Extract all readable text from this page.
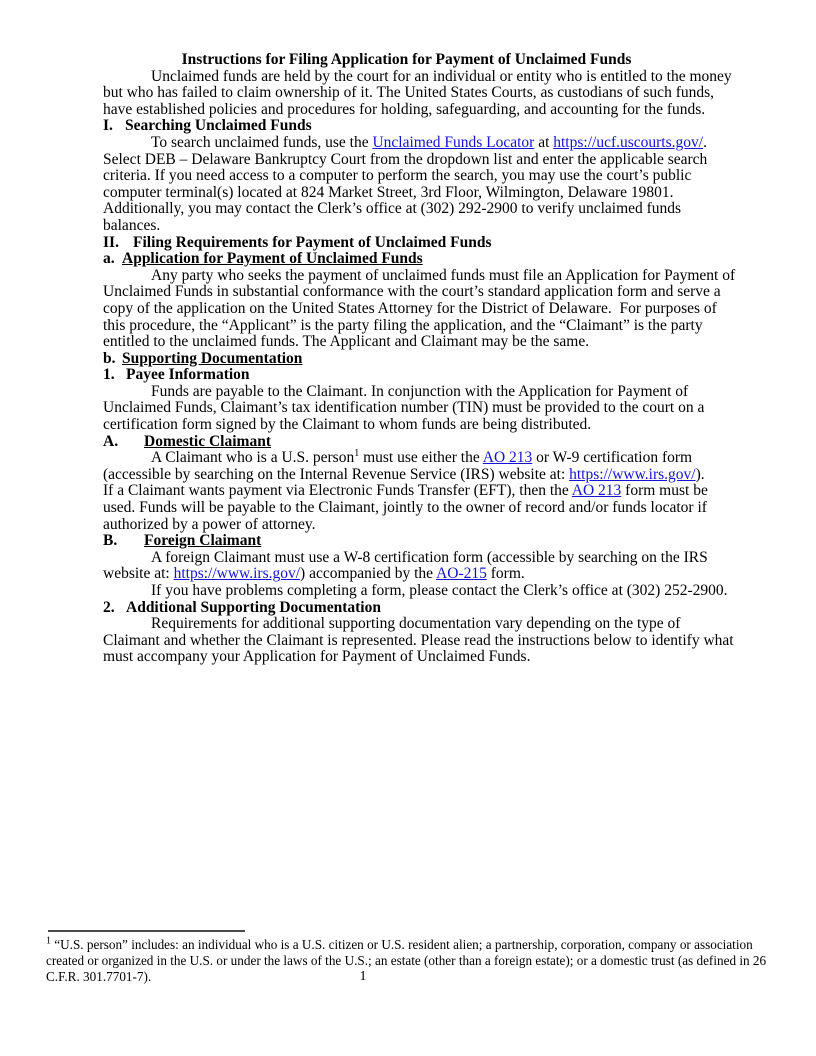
Instructions for Filing Application for Payment of Unclaimed Funds

Unclaimed funds are held by the court for an individual or entity who is entitled to the money but who has failed to claim ownership of it. The United States Courts, as custodians of such funds, have established policies and procedures for holding, safeguarding, and accounting for the funds.

I. Searching Unclaimed Funds

To search unclaimed funds, use the Unclaimed Funds Locator at https://ucf.uscourts.gov/. Select DEB – Delaware Bankruptcy Court from the dropdown list and enter the applicable search criteria. If you need access to a computer to perform the search, you may use the court’s public computer terminal(s) located at 824 Market Street, 3rd Floor, Wilmington, Delaware 19801.  Additionally, you may contact the Clerk’s office at (302) 292-2900 to verify unclaimed funds balances.

II. Filing Requirements for Payment of Unclaimed Funds
a. Application for Payment of Unclaimed Funds

Any party who seeks the payment of unclaimed funds must file an Application for Payment of Unclaimed Funds in substantial conformance with the court’s standard application form and serve a copy of the application on the United States Attorney for the District of Delaware.  For purposes of this procedure, the “Applicant” is the party filing the application, and the “Claimant” is the party entitled to the unclaimed funds. The Applicant and Claimant may be the same.

b. Supporting Documentation
1. Payee Information

Funds are payable to the Claimant. In conjunction with the Application for Payment of Unclaimed Funds, Claimant’s tax identification number (TIN) must be provided to the court on a certification form signed by the Claimant to whom funds are being distributed.

A. Domestic Claimant

A Claimant who is a U.S. person$^1$ must use either the AO 213 or W-9 certification form (accessible by searching on the Internal Revenue Service (IRS) website at: https://www.irs.gov/).

If a Claimant wants payment via Electronic Funds Transfer (EFT), then the AO 213 form must be used. Funds will be payable to the Claimant, jointly to the owner of record and/or funds locator if authorized by a power of attorney.

B. Foreign Claimant

A foreign Claimant must use a W-8 certification form (accessible by searching on the IRS website at: https://www.irs.gov/) accompanied by the AO-215 form.

If you have problems completing a form, please contact the Clerk’s office at (302) 252-2900.

2. Additional Supporting Documentation

Requirements for additional supporting documentation vary depending on the type of Claimant and whether the Claimant is represented. Please read the instructions below to identify what must accompany your Application for Payment of Unclaimed Funds.

$^1$ “U.S. person” includes: an individual who is a U.S. citizen or U.S. resident alien; a partnership, corporation, company or association created or organized in the U.S. or under the laws of the U.S.; an estate (other than a foreign estate); or a domestic trust (as defined in 26 C.F.R. 301.7701-7).	1
